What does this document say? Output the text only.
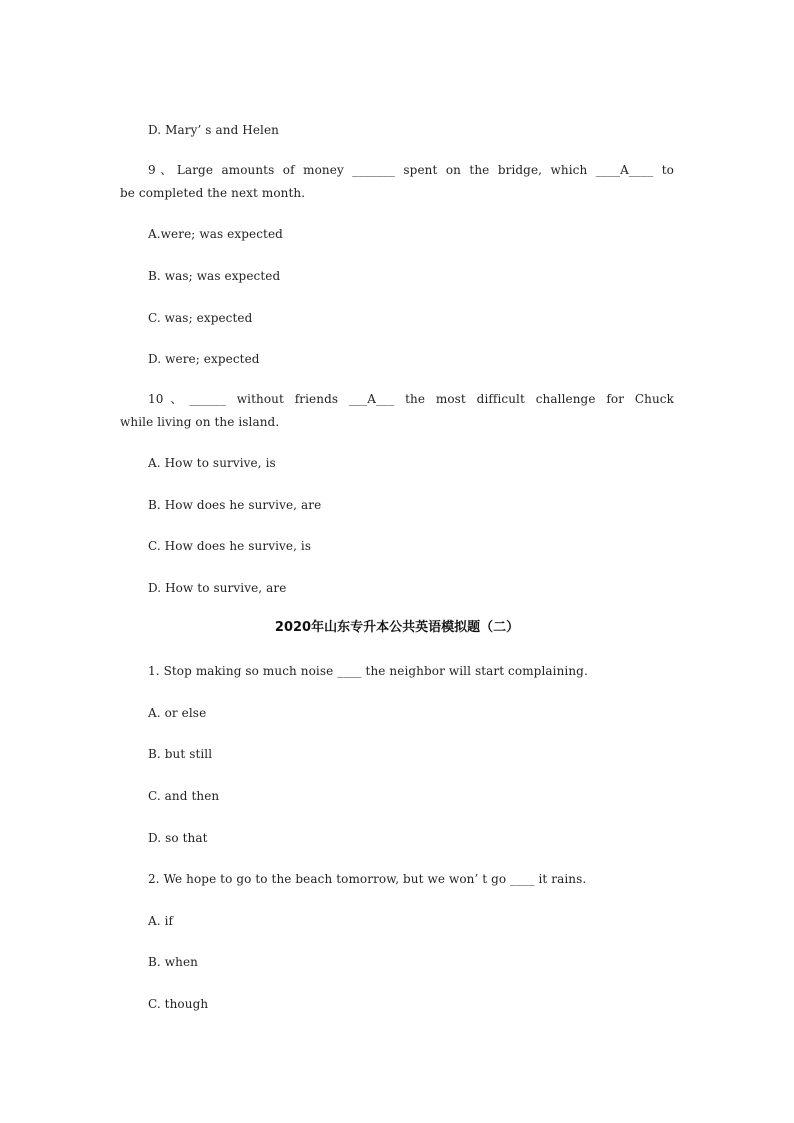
D. Mary’ s and Helen
9、Large amounts of money _______ spent on the bridge, which ____A____ to
be completed the next month.
A.were; was expected
B. was; was expected
C. was; expected
D. were; expected
10、______ without friends ___A___ the most difficult challenge for Chuck
while living on the island.
A. How to survive, is
B. How does he survive, are
C. How does he survive, is
D. How to survive, are
2020年山东专升本公共英语模拟题（二）
1. Stop making so much noise ____ the neighbor will start complaining.
A. or else
B. but still
C. and then
D. so that
2. We hope to go to the beach tomorrow, but we won’ t go ____ it rains.
A. if
B. when
C. though
